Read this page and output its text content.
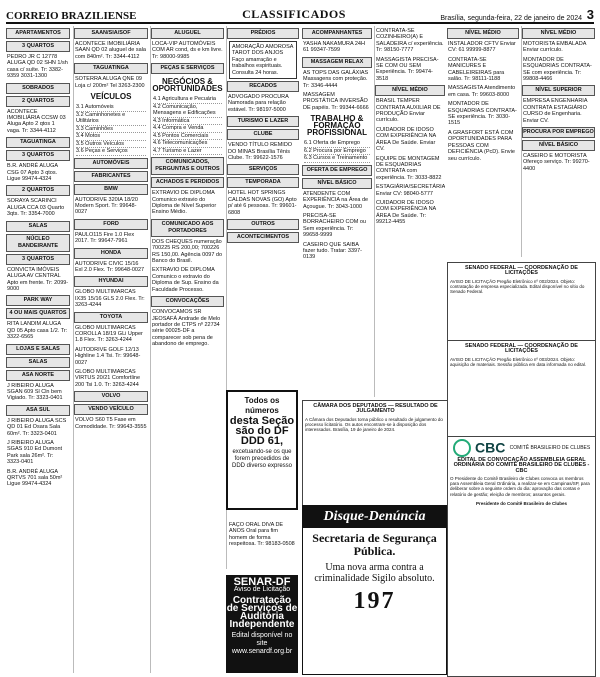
CORREIO BRAZILIENSE	CLASSIFICADOS	Brasília, segunda-feira, 22 de janeiro de 2024 3
APARTAMENTOS
3 QUARTOS
PEDRO JR C 12778 ALUGA QD 02 SHN 1/sh casa c/ suíte. Tr: 3382-9359 3031-1300
SOBRADOS
2 QUARTOS
ACONTECE IMOBILIÁRIA CCSW 03 Aluga Apto 2 qtos 1 vaga. Tr: 3344-4112
TAGUATINGA
3 QUARTOS
B.R. ANDRÉ ALUGA CSG 07 Apto 3 qtos. Ligue 99474-4324
2 QUARTOS
SORAYA SCARINCI ALUGA CCA 03 Quarto 3qts. Tr: 3354-7000
SALAS
NÚCLEO BANDEIRANTE
3 QUARTOS
CONVICTA IMÓVEIS ALUGA AV CENTRAL Apto em frente. Tr: 2099-9000
PARK WAY
4 OU MAIS QUARTOS
RITA LANDIM ALUGA QD 05 Apto casa 1/2. Tr: 3322-6565
LOJAS E SALAS
SALAS
ASA NORTE
J RIBEIRO ALUGA SGAN 609 Sl Cln bem Vigiado. Tr: 3323-0401
ASA SUL
J RIBEIRO ALUGA SCS QD 01 Ed Osara Sala 60m². Tr: 3323-0401
J RIBEIRO ALUGA SGAS 910 Ed Dumont Park sala 26m². Tr: 3323-0401
B.R. ANDRÉ ALUGA QRTVS 701 sala 50m² Ligue 99474-4324
SAAN/SIA/SOF
ACONTECE IMOBILIÁRIA SAAN QD 02 aluguel de sala com 840m². Tr: 3344-4112
TAGUATINGA
SOTERRA ALUGA QNE 09 Loja c/ 200m² Tel 3263-2300
VEÍCULOS
3.1 Automóveis
3.2 Caminhonetes e Utilitários
3.3 Caminhões
3.4 Motos
3.5 Outros Veículos
3.6 Peças e Serviços
AUTOMÓVEIS
FABRICANTES
BMW
AUTODRIVE 320IA 18/20 Modern Sport. Tr: 99648-0027
FORD
PAULO115 Fire 1.0 Flex 2017. Tr: 99647-7961
HONDA
AUTODRIVE CIVIC 15/16 Exl 2.0 Flex. Tr: 99648-0027
HYUNDAI
GLOBO MULTIMARCAS IX35 15/16 GLS 2.0 Flex. Tr: 3263-4244
TOYOTA
GLOBO MULTIMARCAS COROLLA 18/19 GLi Upper 1.8 Flex. Tr: 3263-4244
AUTODRIVE GOLF 12/13 Highline 1.4 Tsi. Tr: 99648-0027
GLOBO MULTIMARCAS VIRTUS 20/21 Comfortline 200 Tsi 1.0. Tr: 3263-4244
VOLVO
VENDO VEÍCULO
VOLVO S60 T5 Fase em Comodidade. Tr: 99643-3555
ALUGUEL
LOCA-VIP AUTOMÓVEIS COM AR cond, ds e km livre. Tr: 98000-9985
PEÇAS E SERVIÇOS
NEGÓCIOS & OPORTUNIDADES
4.1 Agricultura e Pecuária
4.2 Comunicação, Mensagens e Edificações
4.3 Informática
4.4 Compra e Venda
4.5 Pontos Comerciais
4.6 Telecomunicações
4.7 Turismo e Lazer
COMUNICADOS, PERGUNTAS E OUTROS
ACHADOS E PERDIDOS
EXTRAVIO DE DIPLOMA Comunico extravio do Diploma de Nível Superior Ensino Médio.
COMUNICADO AOS PORTADORES
DOS CHEQUES numeração 700225 RS 200,00; 700226 RS 150,00. Agência 0097 do Banco do Brasil.
EXTRAVIO DE DIPLOMA Comunico o extravio do Diploma de Sup. Ensino da Faculdade Processo.
CONVOCAÇÕES
CONVOCAMOS SR JEOSAFÁ Andrade de Melo portador de CTPS nº 22734 série 00025-DF a comparecer sob pena de abandono de emprego.
PRÉDIOS
AMORAÇÃO AMOROSA TAROT DOS ANJOS Faço amarração e trabalhos espirituais. Consulta 24 horas.
RECADOS
ADVOGADO PROCURA Namorada para relação estável. Tr: 98197-5000
TURISMO E LAZER
CLUBE
VENDO TÍTULO REMIDO DO MINAS Brasília Tênis Clube. Tr: 99622-1576
SERVIÇOS
TEMPORADA
HOTEL HOT SPRINGS CALDAS NOVAS (GO) Apto p/ até 6 pessoas. Tr: 99601-6808
OUTROS
ACONTECIMENTOS
Todos os números
desta Seção
são do DF
DDD 61,
excetuando-se os que forem precedidos de DDD diverso expresso
FAÇO ORAL DIVA DE ANOS Oral para fim homem de forma respeitosa. Tr: 98183-0508
SENAR-DF
Aviso de Licitação
Contratação de Serviços de Auditoria Independente
Edital disponível no site www.senardf.org.br
ACOMPANHANTES
YASHA NAKAMURA 24H 61 99347-7599
MASSAGEM RELAX
AS TOPS DAS GALÁXIAS Massagens com proteção. Tr: 3346-4444
MASSAGEM PROSTÁTICA INVERSÃO DE papéis. Tr: 99344-6666
TRABALHO & FORMAÇÃO PROFISSIONAL
6.1 Oferta de Emprego
6.2 Procura por Emprego
6.3 Cursos e Treinamento
OFERTA DE EMPREGO
NÍVEL BÁSICO
ATENDENTE COM EXPERIÊNCIA na Área de Açougue. Tr: 3043-1000
PRECISA-SE BORRACHEIRO COM ou Sem experiência. Tr: 99658-9999
CASEIRO QUE SAIBA fazer tudo. Tratar: 3397-0139
CONTRATA-SE COZINHEIRO(A) E SALADEIRA c/ experiência. Tr: 98150-7777
MASSAGISTA PRECISA-SE COM OU SEM Experiência. Tr: 99474-3518
NÍVEL MÉDIO
BRASIL TEMPER CONTRATA AUXILIAR DE PRODUÇÃO Enviar currículo.
CUIDADOR DE IDOSO COM EXPERIÊNCIA NA ÁREA De Saúde. Enviar CV.
EQUIPE DE MONTAGEM DE ESQUADRIAS CONTRATA com experiência. Tr: 3033-8822
ESTAGIÁRIA/SECRETÁRIA Enviar CV: 98040-5777
CUIDADOR DE IDOSO COM EXPERIÊNCIA NA ÁREA De Saúde. Tr: 99212-4455
CÂMARA DOS DEPUTADOS — RESULTADO DE JULGAMENTO
A Câmara dos Deputados torna público o resultado de julgamento do processo licitatório. Os autos encontram-se à disposição dos interessados. Brasília, 19 de janeiro de 2024.
Disque-Denúncia
Secretaria de Segurança Pública.
Uma nova arma contra a criminalidade Sigilo absoluto.
197
NÍVEL MÉDIO
INSTALADOR CFTV Enviar CV: 61 99999-8877
CONTRATA-SE MANICURES E CABELEIREIRAS para salão. Tr: 98111-1188
MASSAGISTA Atendimento em casa. Tr: 99603-8000
MONTADOR DE ESQUADRIAS CONTRATA-SE experiência. Tr: 3030-1515
A GRASFORT ESTÁ COM OPORTUNIDADES PARA PESSOAS COM DEFICIÊNCIA (PcD). Envie seu currículo.
NÍVEL MÉDIO
MOTORISTA EMBALADA Enviar currículo.
MONTADOR DE ESQUADRIAS CONTRATA-SE com experiência. Tr: 99808-4466
NÍVEL SUPERIOR
EMPRESA ENGENHARIA CONTRATA ESTAGIÁRIO CURSO de Engenharia. Enviar CV.
PROCURA POR EMPREGO
NÍVEL BÁSICO
CASEIRO E MOTORISTA Ofereço serviço. Tr: 99270-4400
SENADO FEDERAL — COORDENAÇÃO DE LICITAÇÕES
AVISO DE LICITAÇÃO Pregão Eletrônico nº 002/2024. Objeto: contratação de empresa especializada. Edital disponível no sítio do Senado Federal.
SENADO FEDERAL — COORDENAÇÃO DE LICITAÇÕES
AVISO DE LICITAÇÃO Pregão Eletrônico nº 003/2024. Objeto: aquisição de materiais. Sessão pública em data informada no edital.
CBC COMITÊ BRASILEIRO DE CLUBES
EDITAL DE CONVOCAÇÃO ASSEMBLEIA GERAL ORDINÁRIA DO COMITÊ BRASILEIRO DE CLUBES - CBC
O Presidente do Comitê Brasileiro de Clubes convoca os membros para Assembleia Geral Ordinária, a realizar-se em Campinas/SP, para deliberar sobre a seguinte ordem do dia: aprovação das contas e relatório de gestão; eleição de membros; assuntos gerais.
Presidente do Comitê Brasileiro de Clubes
